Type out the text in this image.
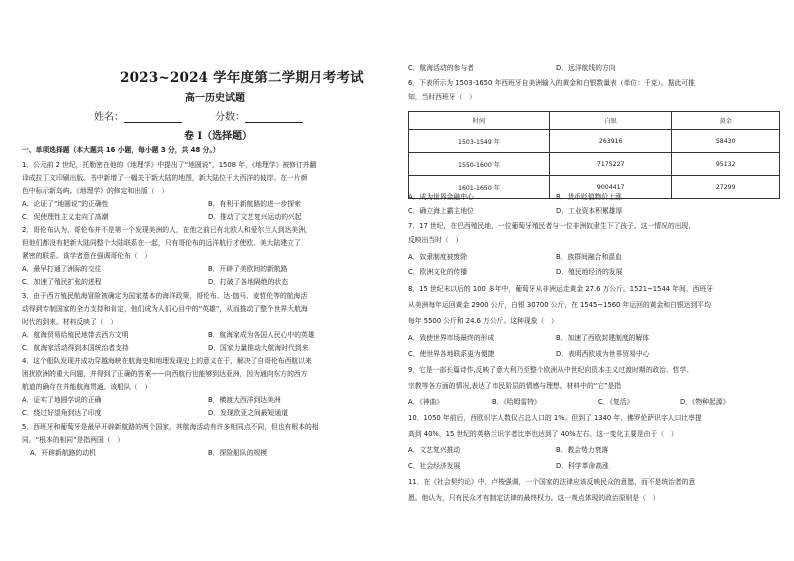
2023~2024 学年度第二学期月考考试
高一历史试题
姓名：	分数：
卷 I（选择题）
一、单项选择题（本大题共 16 小题，每小题 3 分，共 48 分。）
1．公元前 2 世纪，托勒密在他的《地理学》中提出了“地圆说”。1508 年，《地理学》被修订并翻
译成拉丁文印刷出版。书中新增了一幅关于新大陆的地图，新大陆位于大西洋的彼岸。在一片颜
色中标示新岛屿。《地理学》的修定和出版（　）
A．论证了“地圆说”的正确性	B．有利于新航路的进一步探索
C．促使理性主义走向了高潮	D．推动了文艺复兴运动的兴起
2．哥伦布认为，哥伦布并不是第一个发现美洲的人，在他之前已有北欧人和爱尔兰人到达美洲，
但他们都没有把新大陆同整个大陆联系在一起，只有哥伦布的远洋航行才使欧、美大陆建立了
紧密的联系。该学者意在强调哥伦布（　）
A．最早打通了洲际的交往	B．开辟了美欧间的新航路
C．加速了殖民扩张的进程	D．打破了各地隔绝的状态
3．由于西方殖民航海冒险被确定为国家基本的海洋政策，哥伦布、达·伽马、麦哲伦等的航海活
动得到专制国家的全力支持和肯定，他们成为人们心目中的“英雄”，从而推动了整个世界大航海
时代的到来。材料反映了（　）
A．航海贸易给殖民地带去西方文明	B．航海家成为各国人民心中的英雄
C．航海家活动得到本国统治者支持	D．国家力量推动大航海时代到来
4．这个船队发现并成功穿越海峡在航海史和地理发现史上的意义在于，解决了自哥伦布西航以来
困扰欧洲的重大问题，并得到了正确的答案——向西航行也能够到达亚洲，因为通向东方的西方
航道的确存在并能航海贯通。该船队（　）
A．证实了地圆学说的正确	B．横渡大西洋到达美洲
C．绕过好望角到达了印度	D．发现欧亚之间最短通道
5．西班牙和葡萄牙是最早开辟新航路的两个国家，其航海活动有许多相同点不同，但也有根本的相
同。“根本的相同”是指两国（　）
A．开辟新航路的动机	B．探险船队的规模
C．航海活动的参与者	D．远洋航线的方向
6．下表所示为 1503-1650 年西班牙自美洲输入的黄金和白银数量表（单位：千克）。据此可推
知，当时西班牙（　）
时间	白银	黄金
1503-1549 年	263916	58430
1550-1600 年	7175227	95132
1601-1650 年	9004417	27299
A．成为世界金融中心	B．货币贬值物价上涨
C．确立海上霸主地位	D．工业资本积累雄厚
7．17 世纪，在巴西殖民地，一位葡萄牙殖民者与一位非洲奴隶生下了孩子。这一情况的出现，
反映出当时（　）
A．奴隶制度被废除	B．族群间融合和混血
C．欧洲文化的传播	D．殖民地经济的发展
8．15 世纪末以后的 100 多年中，葡萄牙从非洲运走黄金 27.6 万公斤。1521~1544 年间，西班牙
从美洲每年运回黄金 2900 公斤，白银 30700 公斤，在 1545~1560 年运回的黄金和白银达到平均
每年 5500 公斤和 24.6 万公斤。这种现象（　）
A．致使世界市场最终的形成	B．加速了西欧封建制度的解体
C．使世界各地联系更为便捷	D．表明西欧成为世界贸易中心
9．它是一部长篇诗作,反映了意大利乃至整个欧洲从中世纪向资本主义过渡时期的政治、哲学、
宗教等各方面的情况,表达了市民阶层的情感与理想。材料中的“它”是指
A．《神曲》	B．《哈姆雷特》	C．《复活》	D．《物种起源》
10．1050 年前后，西欧识字人数仅占总人口的 1%。但到了 1340 年，佛罗伦萨识字人口比率提
高到 40%，15 世纪的英格兰识字者比率也达到了 40%左右。这一变化主要是由于（　）
A．文艺复兴推动	B．教会势力衰落
C．社会经济发展	D．科学革命高涨
11．在《社会契约论》中，卢梭强调，一个国家的法律应该反映民众的意愿，而不是统治者的意
愿。他认为，只有民众才有制定法律的最终权力。这一观点体现的政治原则是（　）
